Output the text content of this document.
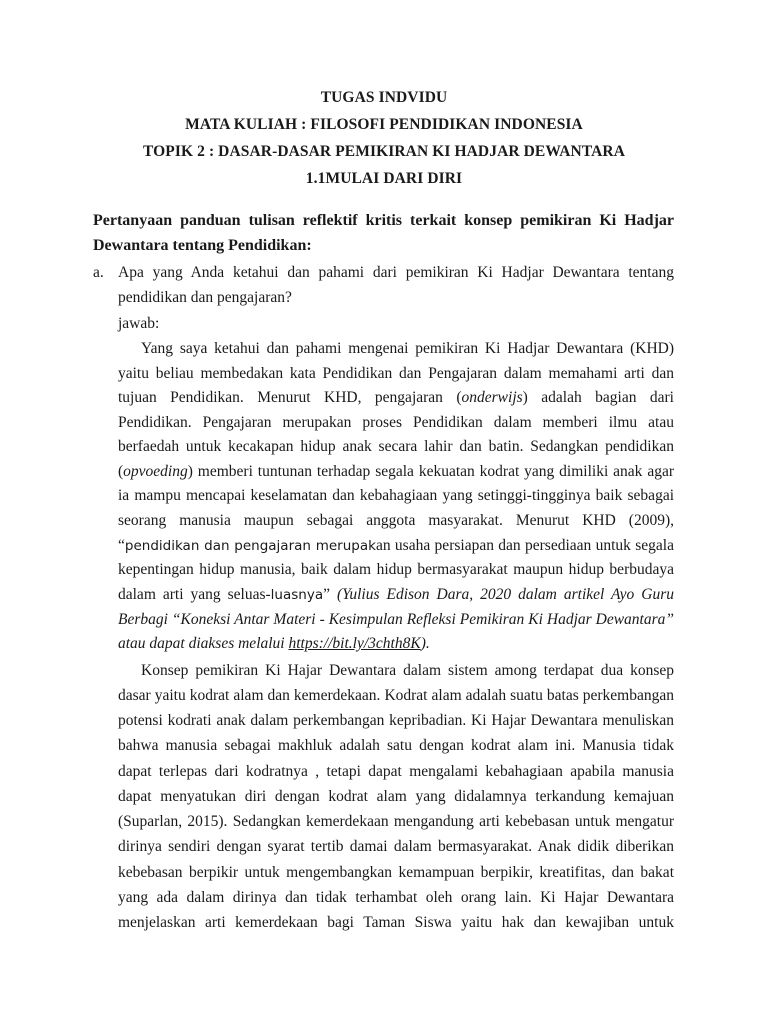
TUGAS INDVIDU
MATA KULIAH : FILOSOFI PENDIDIKAN INDONESIA
TOPIK 2 : DASAR-DASAR PEMIKIRAN KI HADJAR DEWANTARA
1.1MULAI DARI DIRI
Pertanyaan panduan tulisan reflektif kritis terkait konsep pemikiran Ki Hadjar
Dewantara tentang Pendidikan:
a. Apa yang Anda ketahui dan pahami dari pemikiran Ki Hadjar Dewantara tentang
pendidikan dan pengajaran?
jawab:
Yang saya ketahui dan pahami mengenai pemikiran Ki Hadjar Dewantara (KHD)
yaitu beliau membedakan kata Pendidikan dan Pengajaran dalam memahami arti dan
tujuan Pendidikan. Menurut KHD, pengajaran (onderwijs) adalah bagian dari
Pendidikan. Pengajaran merupakan proses Pendidikan dalam memberi ilmu atau
berfaedah untuk kecakapan hidup anak secara lahir dan batin. Sedangkan pendidikan
(opvoeding) memberi tuntunan terhadap segala kekuatan kodrat yang dimiliki anak agar
ia mampu mencapai keselamatan dan kebahagiaan yang setinggi-tingginya baik sebagai
seorang manusia maupun sebagai anggota masyarakat. Menurut KHD (2009),
“pendidikan dan pengajaran merupakan usaha persiapan dan persediaan untuk segala
kepentingan hidup manusia, baik dalam hidup bermasyarakat maupun hidup berbudaya
dalam arti yang seluas-luasnya” (Yulius Edison Dara, 2020 dalam artikel Ayo Guru
Berbagi “Koneksi Antar Materi - Kesimpulan Refleksi Pemikiran Ki Hadjar Dewantara”
atau dapat diakses melalui https://bit.ly/3chth8K).
Konsep pemikiran Ki Hajar Dewantara dalam sistem among terdapat dua konsep
dasar yaitu kodrat alam dan kemerdekaan. Kodrat alam adalah suatu batas perkembangan
potensi kodrati anak dalam perkembangan kepribadian. Ki Hajar Dewantara menuliskan
bahwa manusia sebagai makhluk adalah satu dengan kodrat alam ini. Manusia tidak
dapat terlepas dari kodratnya , tetapi dapat mengalami kebahagiaan apabila manusia
dapat menyatukan diri dengan kodrat alam yang didalamnya terkandung kemajuan
(Suparlan, 2015). Sedangkan kemerdekaan mengandung arti kebebasan untuk mengatur
dirinya sendiri dengan syarat tertib damai dalam bermasyarakat. Anak didik diberikan
kebebasan berpikir untuk mengembangkan kemampuan berpikir, kreatifitas, dan bakat
yang ada dalam dirinya dan tidak terhambat oleh orang lain. Ki Hajar Dewantara
menjelaskan arti kemerdekaan bagi Taman Siswa yaitu hak dan kewajiban untuk
